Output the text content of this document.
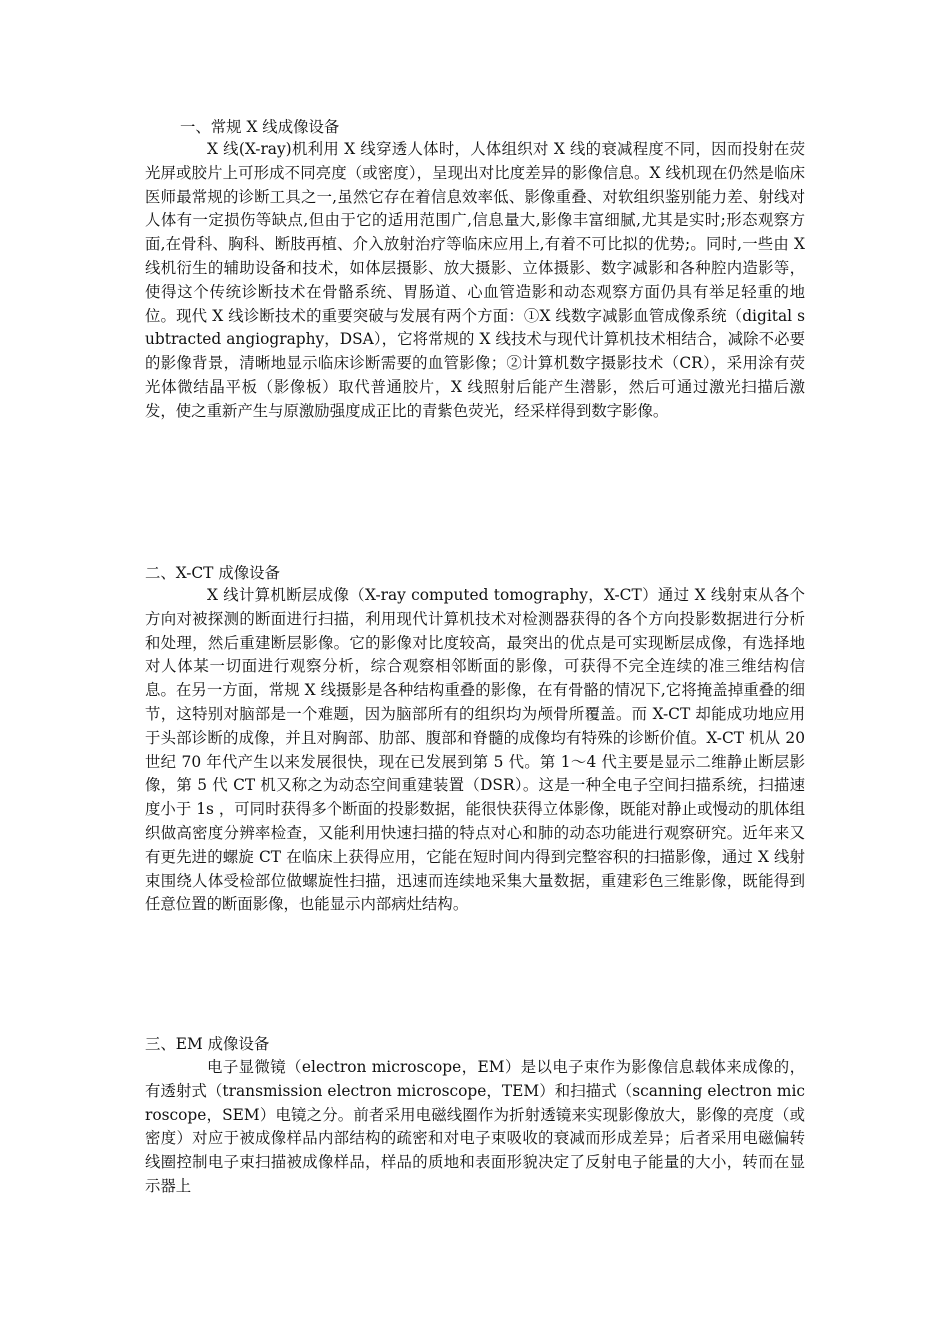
一、常规 X 线成像设备

X 线(X-ray)机利用 X 线穿透人体时，人体组织对 X 线的衰减程度不同，因而投射在荧光屏或胶片上可形成不同亮度（或密度），呈现出对比度差异的影像信息。X 线机现在仍然是临床医师最常规的诊断工具之一,虽然它存在着信息效率低、影像重叠、对软组织鉴别能力差、射线对人体有一定损伤等缺点,但由于它的适用范围广,信息量大,影像丰富细腻,尤其是实时;形态观察方面,在骨科、胸科、断肢再植、介入放射治疗等临床应用上,有着不可比拟的优势;。同时,一些由 X 线机衍生的辅助设备和技术，如体层摄影、放大摄影、立体摄影、数字减影和各种腔内造影等，使得这个传统诊断技术在骨骼系统、胃肠道、心血管造影和动态观察方面仍具有举足轻重的地位。现代 X 线诊断技术的重要突破与发展有两个方面：①X 线数字减影血管成像系统（digital subtracted angiography，DSA），它将常规的 X 线技术与现代计算机技术相结合，减除不必要的影像背景，清晰地显示临床诊断需要的血管影像；②计算机数字摄影技术（CR），采用涂有荧光体微结晶平板（影像板）取代普通胶片，X 线照射后能产生潜影，然后可通过激光扫描后激发，使之重新产生与原激励强度成正比的青紫色荧光，经采样得到数字影像。

二、X-CT 成像设备

X 线计算机断层成像（X-ray computed tomography，X-CT）通过 X 线射束从各个方向对被探测的断面进行扫描，利用现代计算机技术对检测器获得的各个方向投影数据进行分析和处理，然后重建断层影像。它的影像对比度较高，最突出的优点是可实现断层成像，有选择地对人体某一切面进行观察分析，综合观察相邻断面的影像，可获得不完全连续的准三维结构信息。在另一方面，常规 X 线摄影是各种结构重叠的影像，在有骨骼的情况下,它将掩盖掉重叠的细节，这特别对脑部是一个难题，因为脑部所有的组织均为颅骨所覆盖。而 X-CT 却能成功地应用于头部诊断的成像，并且对胸部、肋部、腹部和脊髓的成像均有特殊的诊断价值。X-CT 机从 20 世纪 70 年代产生以来发展很快，现在已发展到第 5 代。第 1～4 代主要是显示二维静止断层影像，第 5 代 CT 机又称之为动态空间重建装置（DSR）。这是一种全电子空间扫描系统，扫描速度小于 1s ，可同时获得多个断面的投影数据，能很快获得立体影像，既能对静止或慢动的肌体组织做高密度分辨率检查，又能利用快速扫描的特点对心和肺的动态功能进行观察研究。近年来又有更先进的螺旋 CT 在临床上获得应用，它能在短时间内得到完整容积的扫描影像，通过 X 线射束围绕人体受检部位做螺旋性扫描，迅速而连续地采集大量数据，重建彩色三维影像，既能得到任意位置的断面影像，也能显示内部病灶结构。

三、EM 成像设备

电子显微镜（electron microscope，EM）是以电子束作为影像信息载体来成像的，有透射式（transmission electron microscope，TEM）和扫描式（scanning electron microscope，SEM）电镜之分。前者采用电磁线圈作为折射透镜来实现影像放大，影像的亮度（或密度）对应于被成像样品内部结构的疏密和对电子束吸收的衰减而形成差异；后者采用电磁偏转线圈控制电子束扫描被成像样品，样品的质地和表面形貌决定了反射电子能量的大小，转而在显示器上
